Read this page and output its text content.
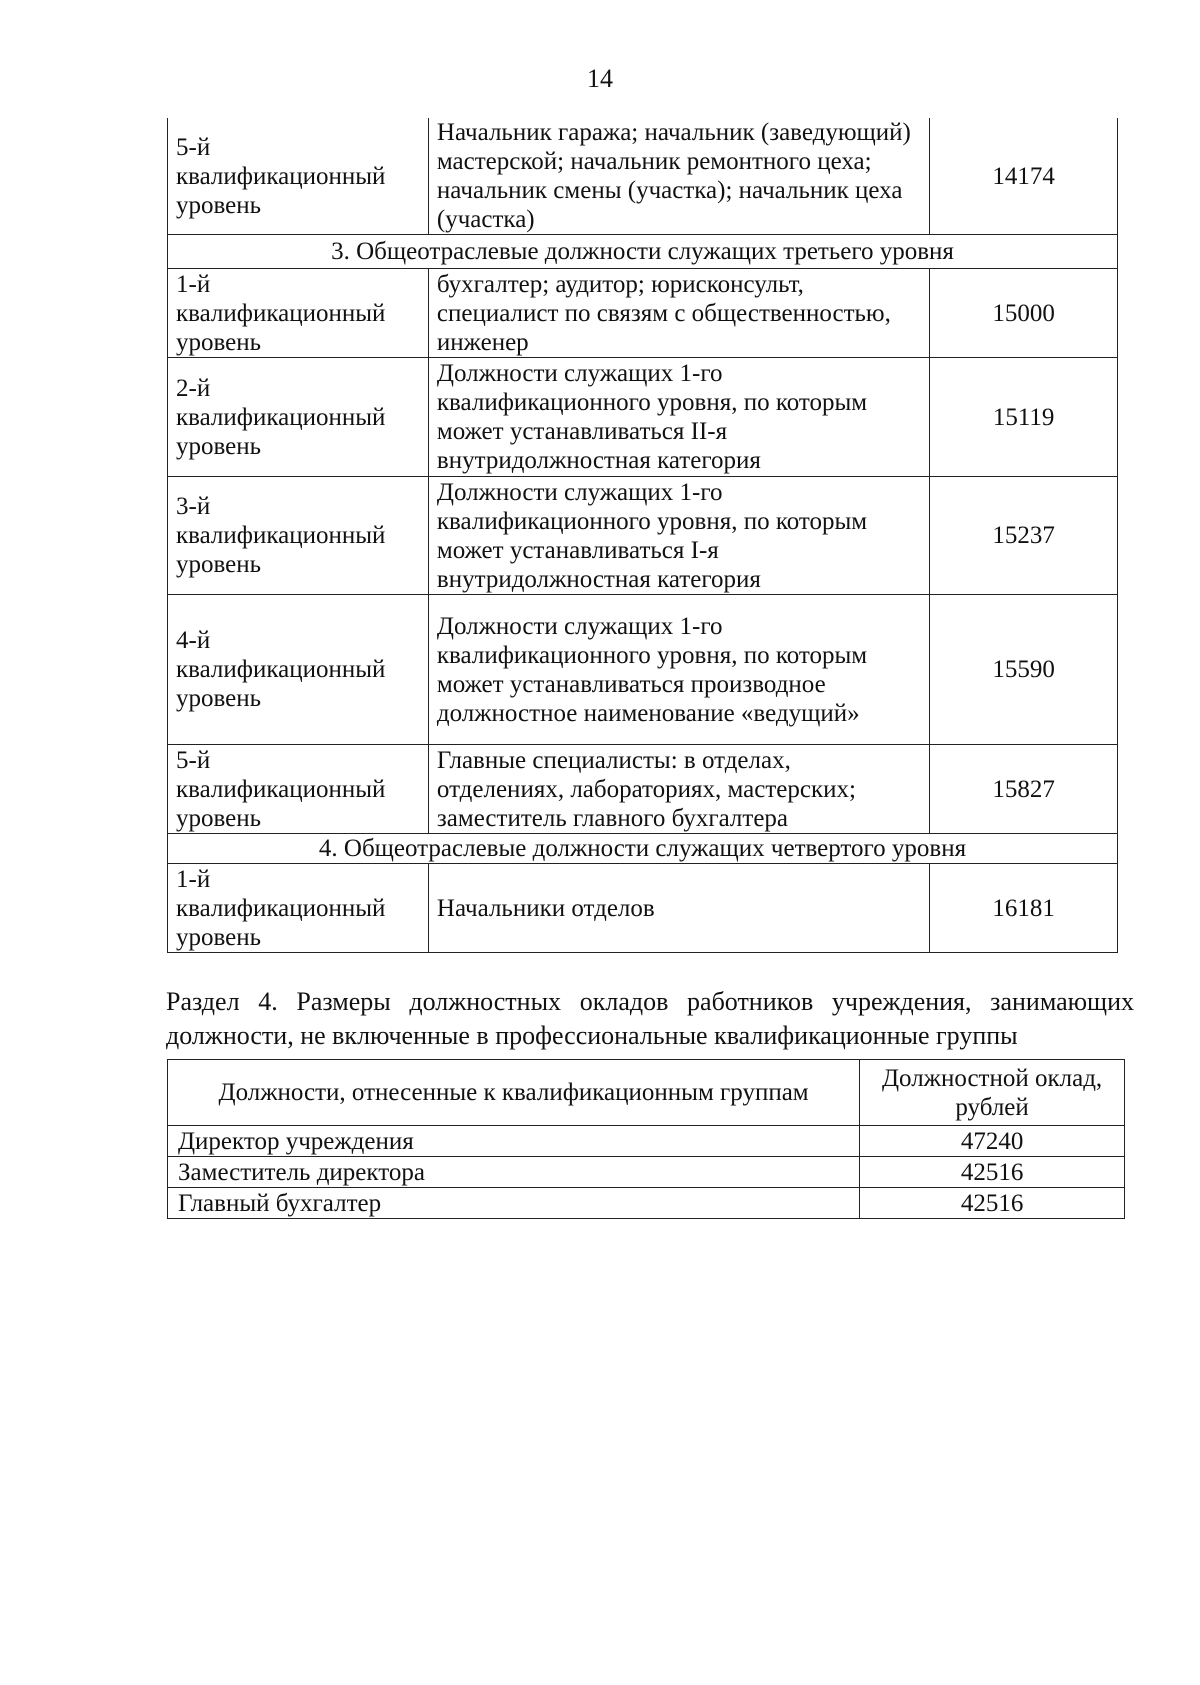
14
5-й
квалификационный
уровень	Начальник гаража; начальник (заведующий) мастерской; начальник ремонтного цеха; начальник смены (участка); начальник цеха (участка)	14174
3. Общеотраслевые должности служащих третьего уровня		

1-й
квалификационный
уровень	бухгалтер; аудитор; юрисконсульт, специалист по связям с общественностью, инженер	15000

2-й
квалификационный
уровень	Должности служащих 1-го квалификационного уровня, по которым может устанавливаться II-я внутридолжностная категория	15119

3-й
квалификационный
уровень	Должности служащих 1-го квалификационного уровня, по которым может устанавливаться I-я внутридолжностная категория	15237

4-й
квалификационный
уровень	Должности служащих 1-го квалификационного уровня, по которым может устанавливаться производное должностное наименование «ведущий»	15590

5-й
квалификационный
уровень	Главные специалисты: в отделах, отделениях, лабораториях, мастерских; заместитель главного бухгалтера	15827
4. Общеотраслевые должности служащих четвертого уровня		

1-й
квалификационный
уровень	Начальники отделов	16181
Раздел 4. Размеры должностных окладов работников учреждения, занимающих должности, не включенные в профессиональные квалификационные группы
Должности, отнесенные к квалификационным группам	Должностной оклад, рублей
Директор учреждения	47240
Заместитель директора	42516
Главный бухгалтер	42516
